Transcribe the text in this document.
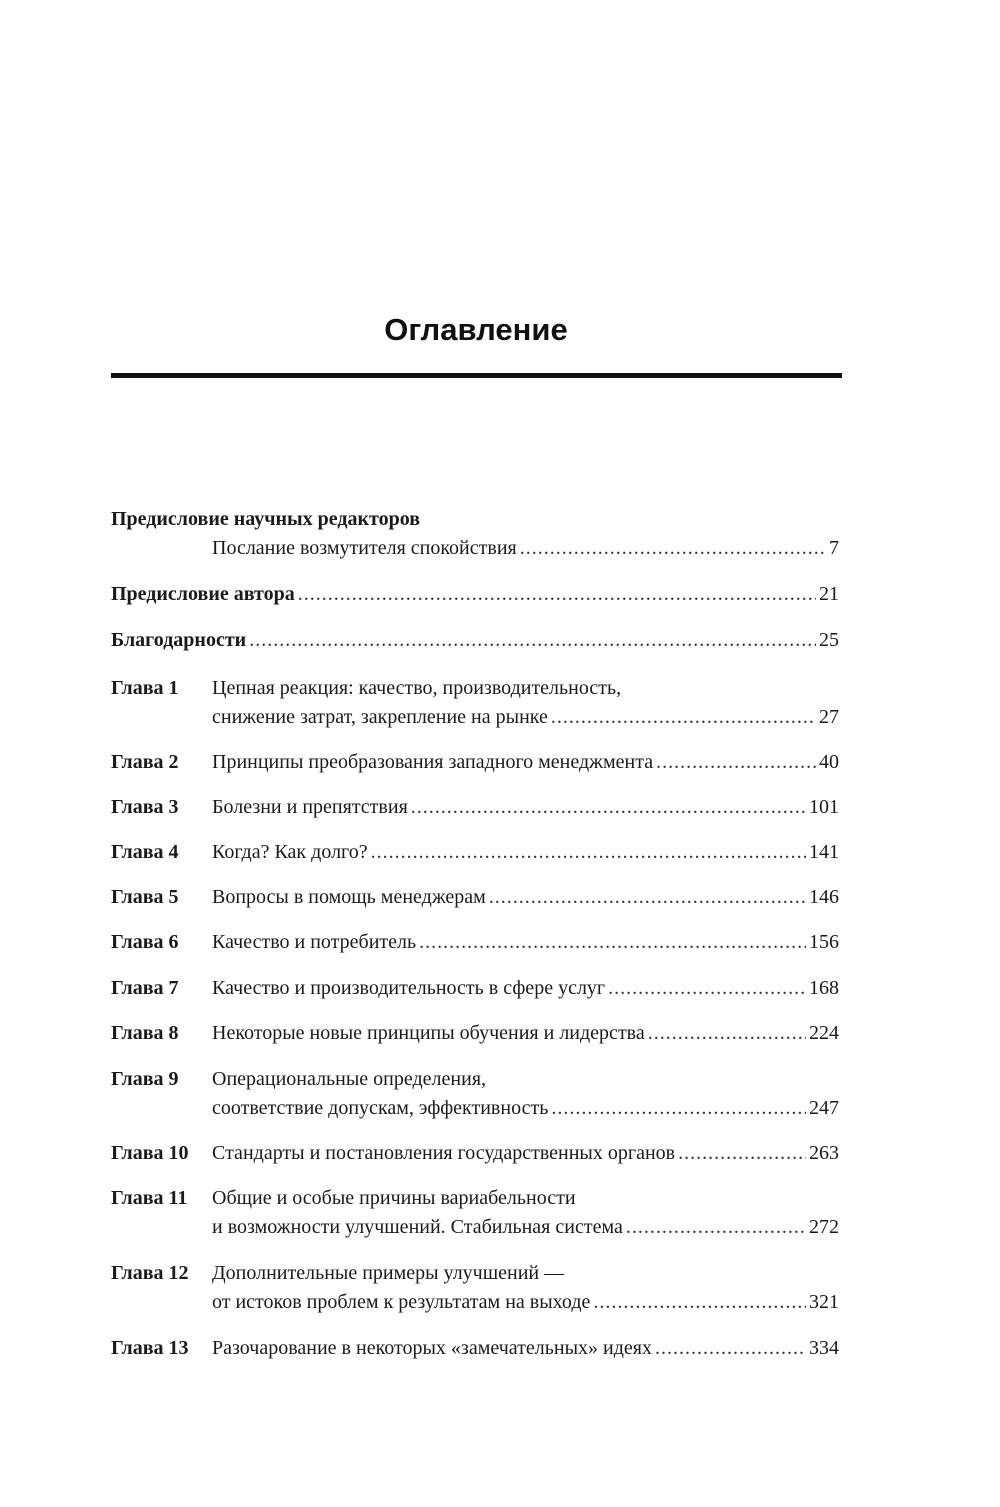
Оглавление
Предисловие научных редакторов
Послание возмутителя спокойствия .....	7
Предисловие автора .....	21
Благодарности .....	25
Глава 1	Цепная реакция: качество, производительность,
снижение затрат, закрепление на рынке .....	27
Глава 2	Принципы преобразования западного менеджмента .....	40
Глава 3	Болезни и препятствия .....	101
Глава 4	Когда? Как долго? .....	141
Глава 5	Вопросы в помощь менеджерам .....	146
Глава 6	Качество и потребитель .....	156
Глава 7	Качество и производительность в сфере услуг .....	168
Глава 8	Некоторые новые принципы обучения и лидерства .....	224
Глава 9	Операциональные определения,
соответствие допускам, эффективность .....	247
Глава 10	Стандарты и постановления государственных органов .....	263
Глава 11	Общие и особые причины вариабельности
и возможности улучшений. Стабильная система .....	272
Глава 12	Дополнительные примеры улучшений —
от истоков проблем к результатам на выходе .....	321
Глава 13	Разочарование в некоторых «замечательных» идеях .....	334
